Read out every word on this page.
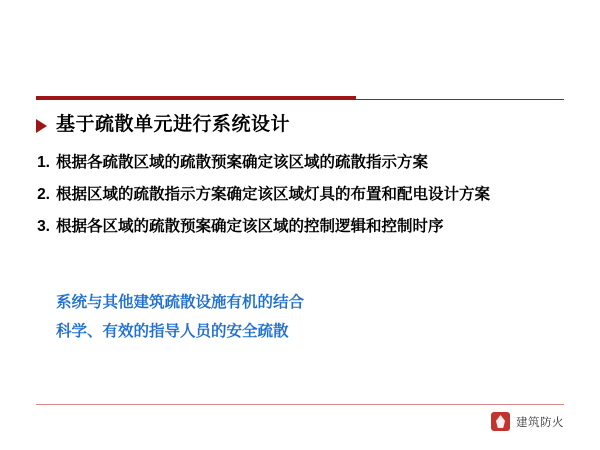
基于疏散单元进行系统设计
1. 根据各疏散区域的疏散预案确定该区域的疏散指示方案
2. 根据区域的疏散指示方案确定该区域灯具的布置和配电设计方案
3. 根据各区域的疏散预案确定该区域的控制逻辑和控制时序
系统与其他建筑疏散设施有机的结合
科学、有效的指导人员的安全疏散
建筑防火
